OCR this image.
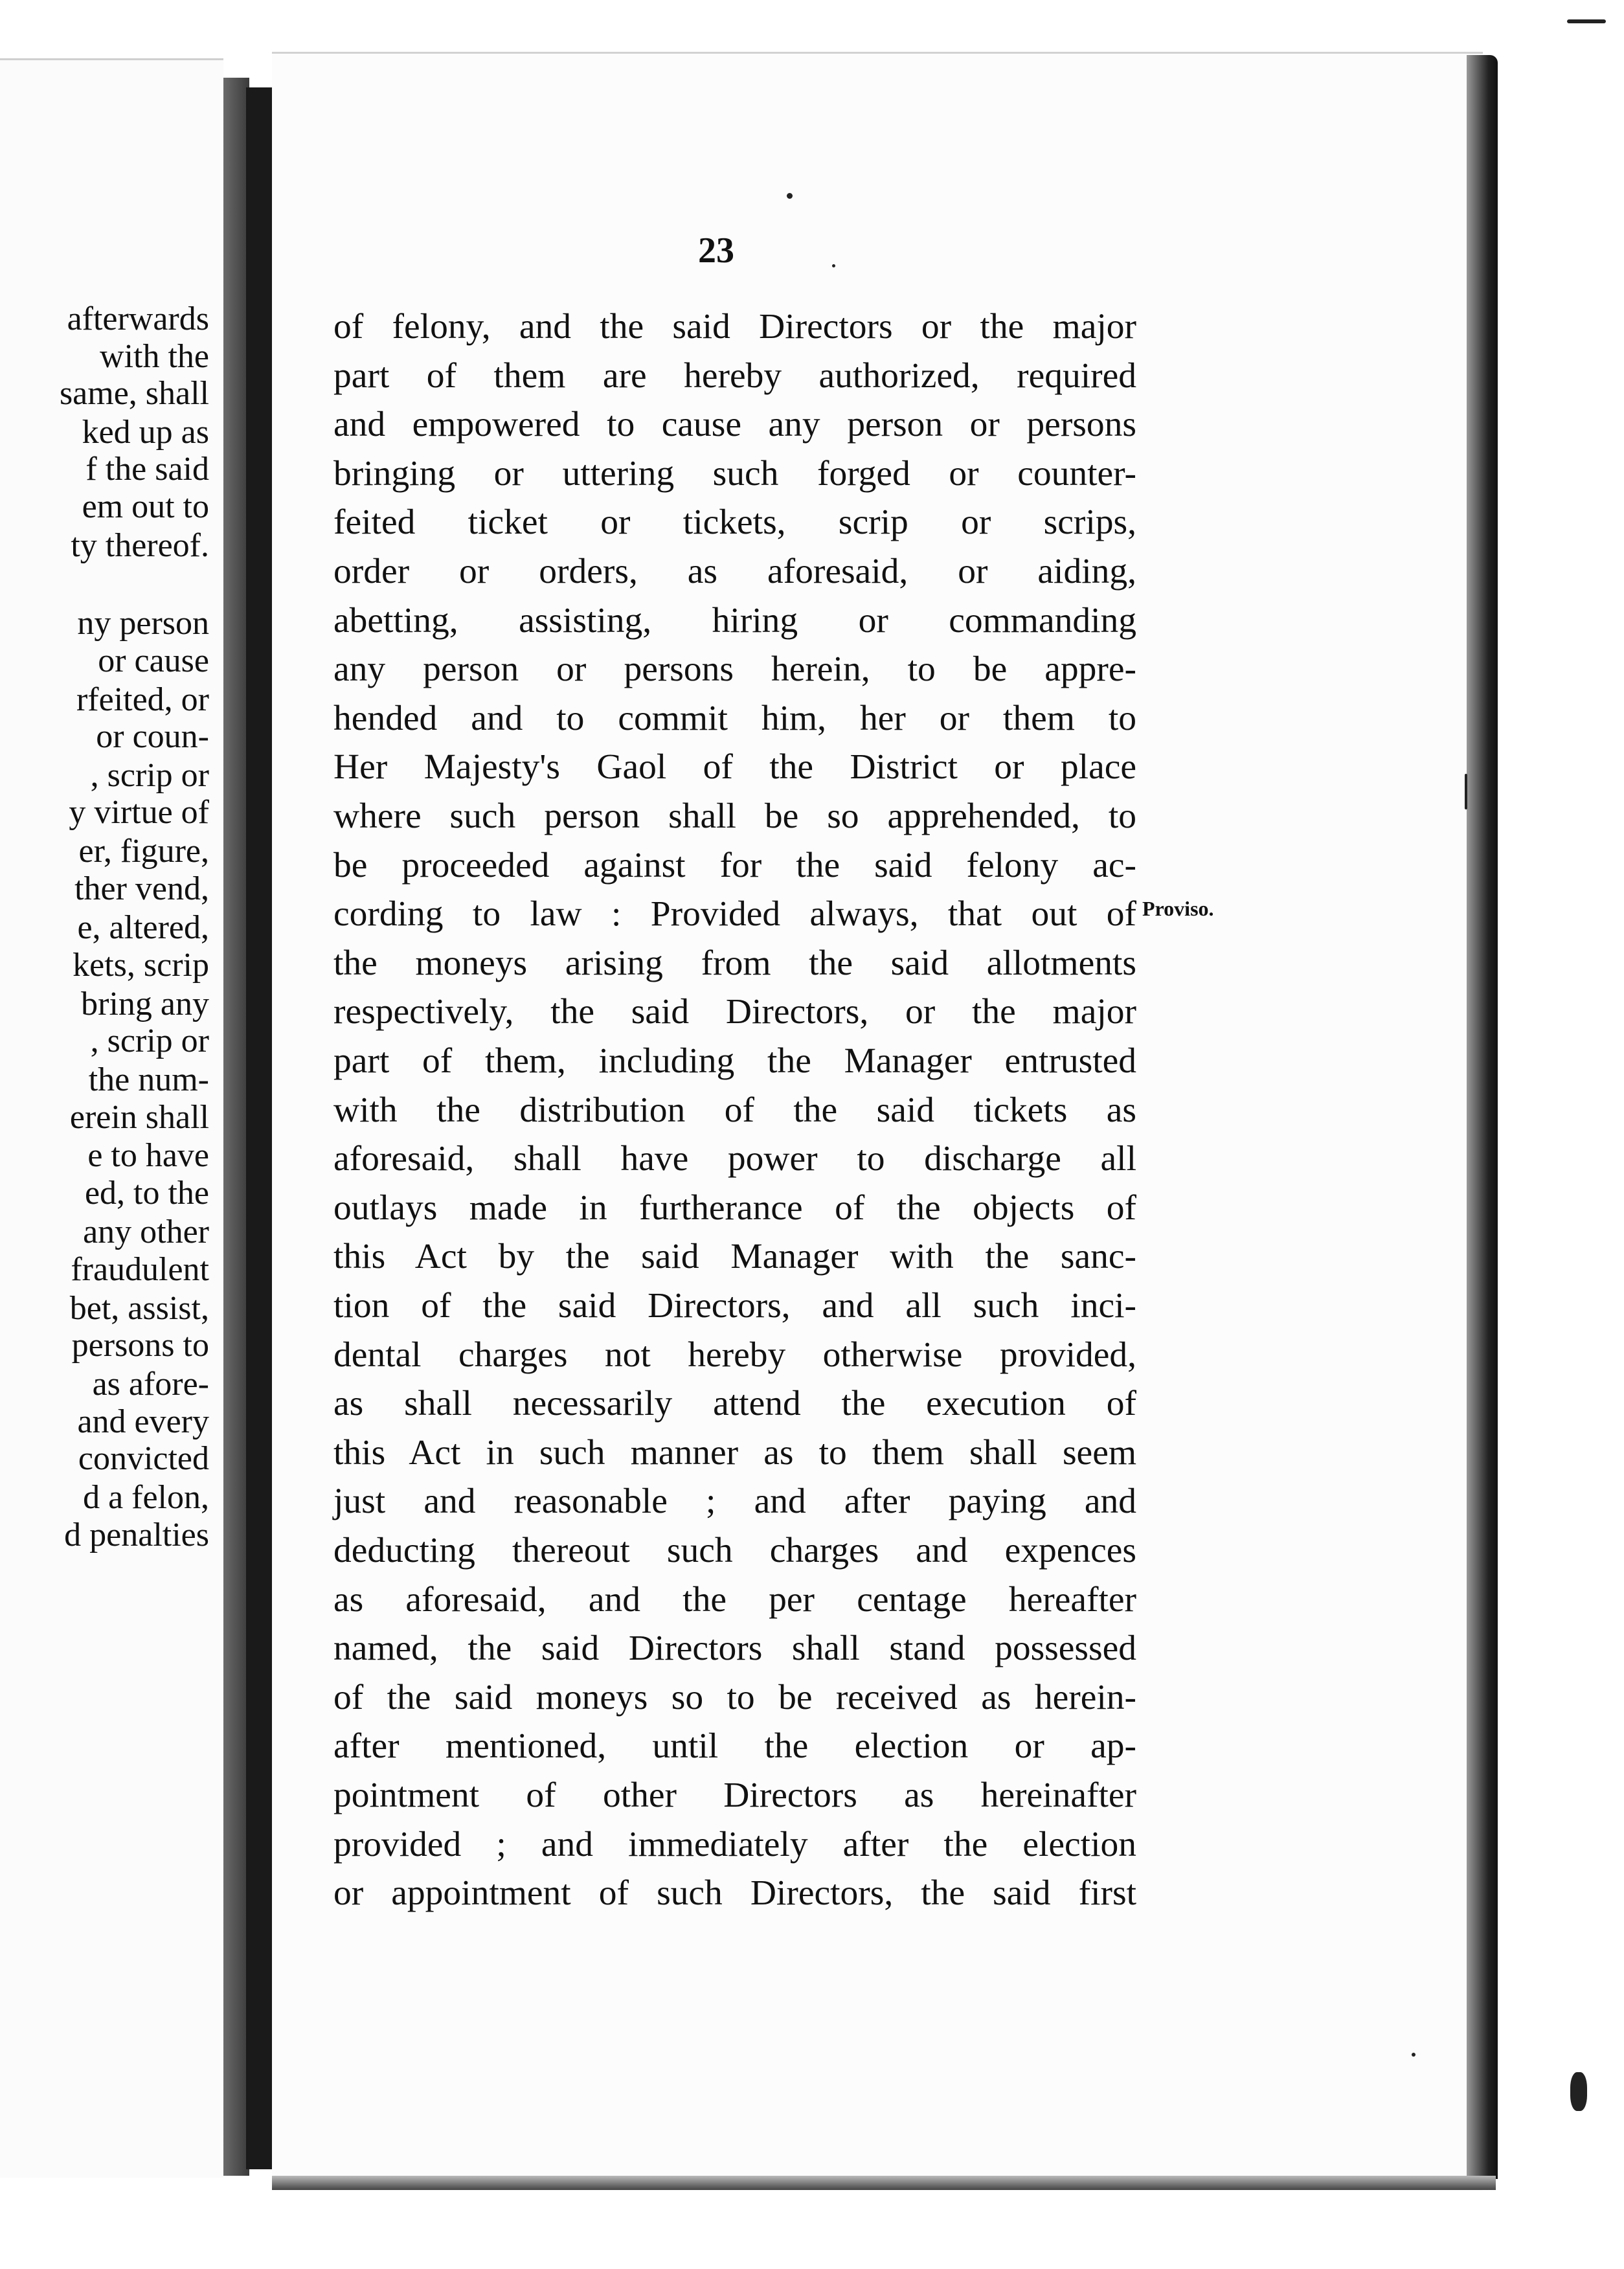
afterwards
with the
same, shall
ked up as
f the said
em out to
ty thereof.
ny person
or cause
rfeited, or
or coun-
, scrip or
y virtue of
er, figure,
ther vend,
e, altered,
kets, scrip
bring any
, scrip or
the num-
erein shall
e to have
ed, to the
any other
fraudulent
bet, assist,
persons to
as afore-
and every
convicted
d a felon,
d penalties
23
of felony, and the said Directors or the major
part of them are hereby authorized, required
and empowered to cause any person or persons
bringing or uttering such forged or counter-
feited ticket or tickets, scrip or scrips,
order or orders, as aforesaid, or aiding,
abetting, assisting, hiring or commanding
any person or persons herein, to be appre-
hended and to commit him, her or them to
Her Majesty's Gaol of the District or place
where such person shall be so apprehended, to
be proceeded against for the said felony ac-
cording to law : Provided always, that out of
the moneys arising from the said allotments
respectively, the said Directors, or the major
part of them, including the Manager entrusted
with the distribution of the said tickets as
aforesaid, shall have power to discharge all
outlays made in furtherance of the objects of
this Act by the said Manager with the sanc-
tion of the said Directors, and all such inci-
dental charges not hereby otherwise provided,
as shall necessarily attend the execution of
this Act in such manner as to them shall seem
just and reasonable ; and after paying and
deducting thereout such charges and expences
as aforesaid, and the per centage hereafter
named, the said Directors shall stand possessed
of the said moneys so to be received as herein-
after mentioned, until the election or ap-
pointment of other Directors as hereinafter
provided ; and immediately after the election
or appointment of such Directors, the said first
Proviso.
